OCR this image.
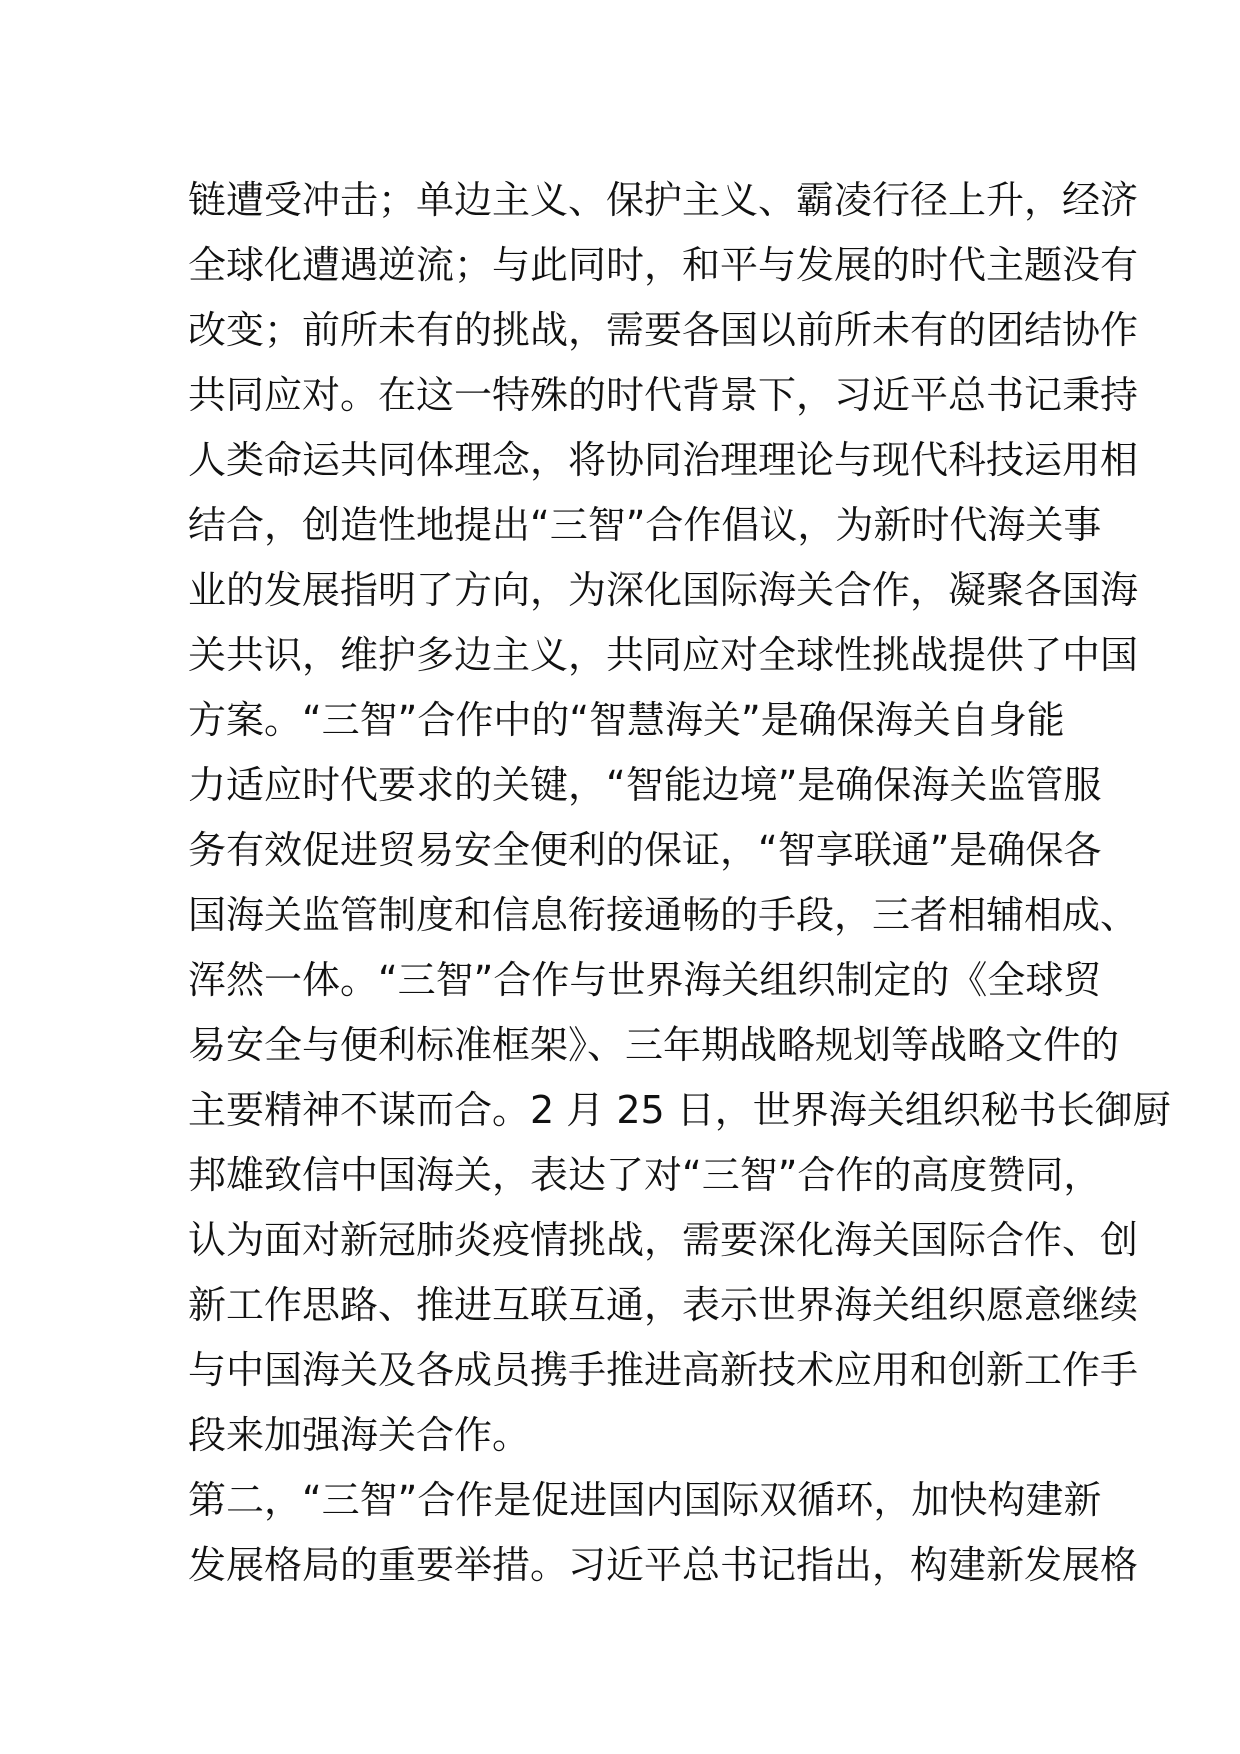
链遭受冲击；单边主义、保护主义、霸凌行径上升，经济
全球化遭遇逆流；与此同时，和平与发展的时代主题没有
改变；前所未有的挑战，需要各国以前所未有的团结协作
共同应对。在这一特殊的时代背景下，习近平总书记秉持
人类命运共同体理念，将协同治理理论与现代科技运用相
结合，创造性地提出“三智”合作倡议，为新时代海关事
业的发展指明了方向，为深化国际海关合作，凝聚各国海
关共识，维护多边主义，共同应对全球性挑战提供了中国
方案。“三智”合作中的“智慧海关”是确保海关自身能
力适应时代要求的关键，“智能边境”是确保海关监管服
务有效促进贸易安全便利的保证，“智享联通”是确保各
国海关监管制度和信息衔接通畅的手段，三者相辅相成、
浑然一体。“三智”合作与世界海关组织制定的《全球贸
易安全与便利标准框架》、三年期战略规划等战略文件的
主要精神不谋而合。2 月 25 日，世界海关组织秘书长御厨
邦雄致信中国海关，表达了对“三智”合作的高度赞同，
认为面对新冠肺炎疫情挑战，需要深化海关国际合作、创
新工作思路、推进互联互通，表示世界海关组织愿意继续
与中国海关及各成员携手推进高新技术应用和创新工作手
段来加强海关合作。
第二，“三智”合作是促进国内国际双循环，加快构建新
发展格局的重要举措。习近平总书记指出，构建新发展格
